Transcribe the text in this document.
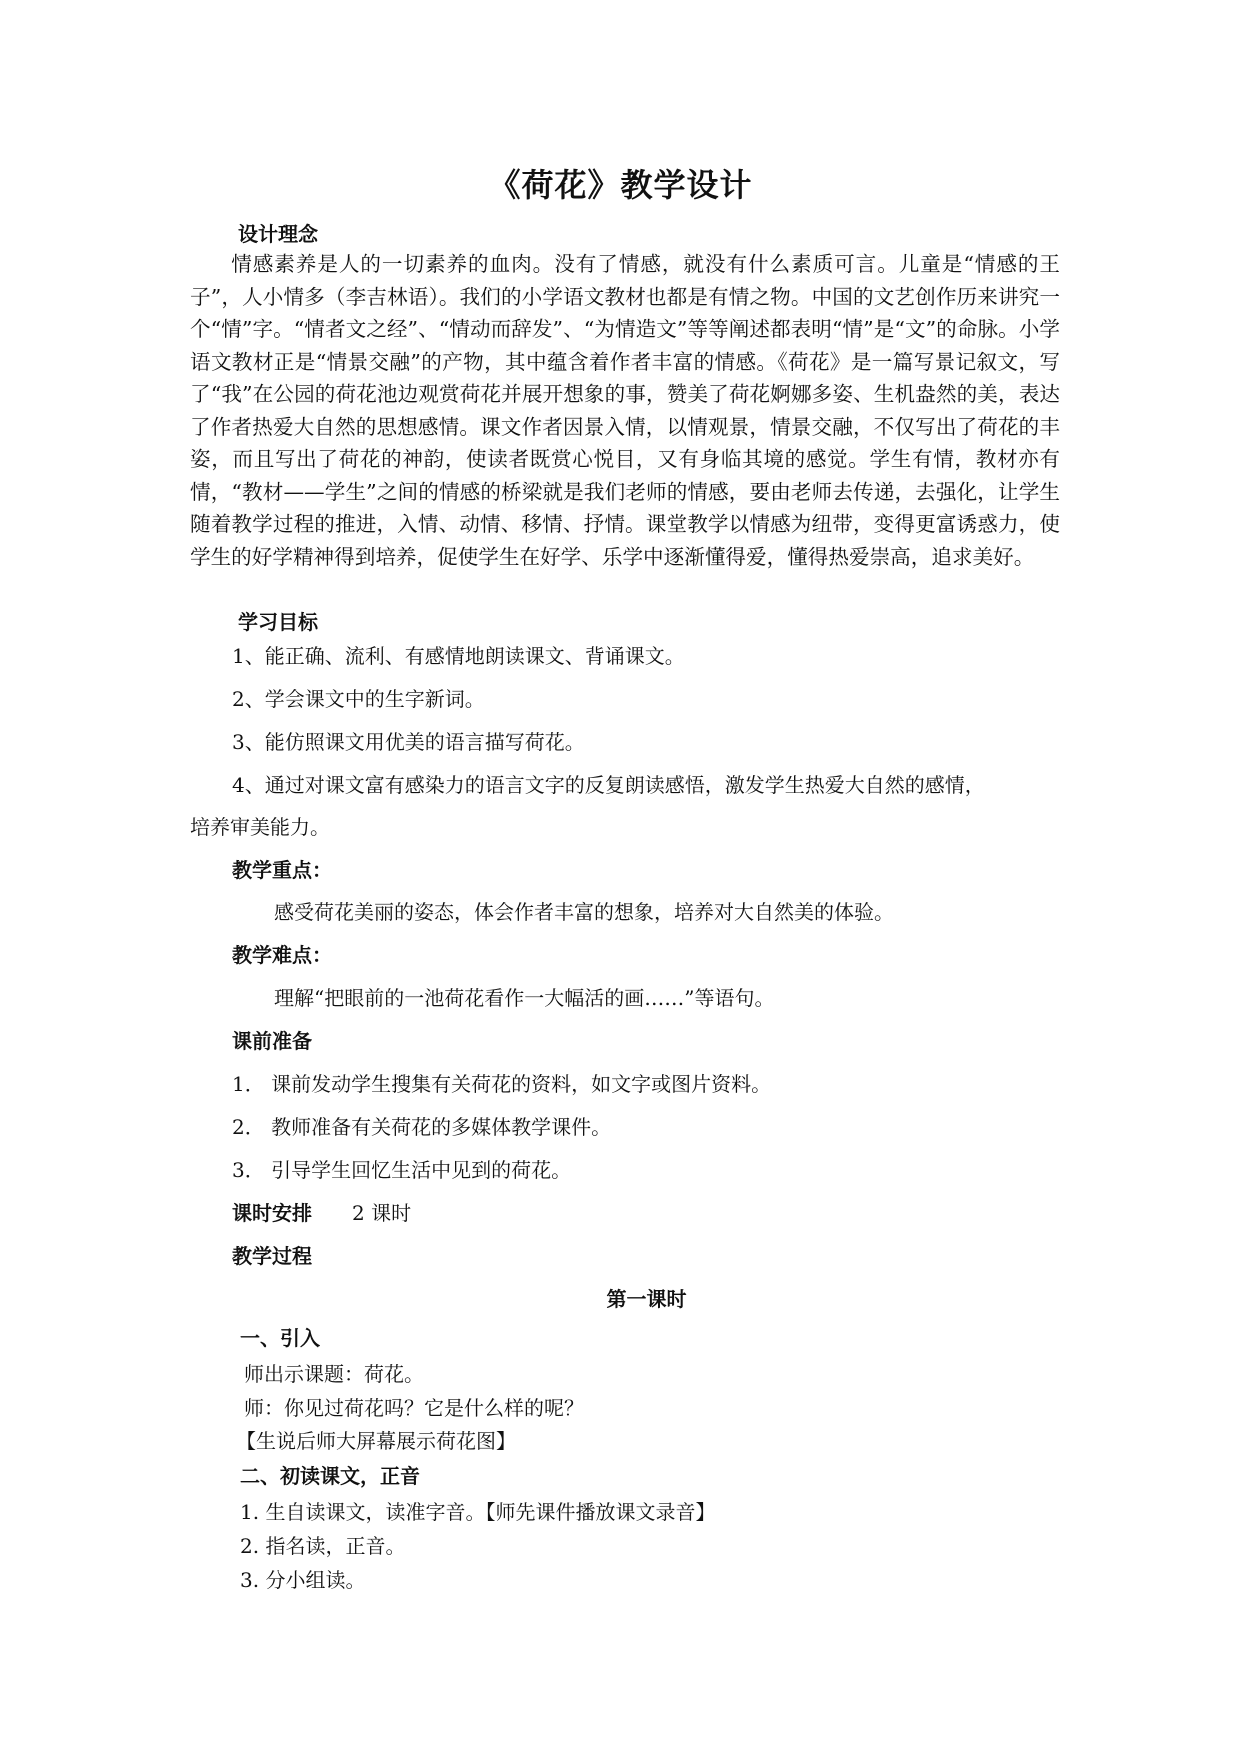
《荷花》教学设计
设计理念

情感素养是人的一切素养的血肉。没有了情感，就没有什么素质可言。儿童是“情感的王子”，人小情多（李吉林语）。我们的小学语文教材也都是有情之物。中国的文艺创作历来讲究一个“情”字。“情者文之经”、“情动而辞发”、“为情造文”等等阐述都表明“情”是“文”的命脉。小学语文教材正是“情景交融”的产物，其中蕴含着作者丰富的情感。《荷花》是一篇写景记叙文，写了“我”在公园的荷花池边观赏荷花并展开想象的事，赞美了荷花婀娜多姿、生机盎然的美，表达了作者热爱大自然的思想感情。课文作者因景入情，以情观景，情景交融，不仅写出了荷花的丰姿，而且写出了荷花的神韵，使读者既赏心悦目，又有身临其境的感觉。学生有情，教材亦有情，“教材——学生”之间的情感的桥梁就是我们老师的情感，要由老师去传递，去强化，让学生随着教学过程的推进，入情、动情、移情、抒情。课堂教学以情感为纽带，变得更富诱惑力，使学生的好学精神得到培养，促使学生在好学、乐学中逐渐懂得爱，懂得热爱崇高，追求美好。

学习目标
1、能正确、流利、有感情地朗读课文、背诵课文。
2、学会课文中的生字新词。
3、能仿照课文用优美的语言描写荷花。
4、通过对课文富有感染力的语言文字的反复朗读感悟，激发学生热爱大自然的感情，
培养审美能力。
教学重点：
感受荷花美丽的姿态，体会作者丰富的想象，培养对大自然美的体验。
教学难点：
理解“把眼前的一池荷花看作一大幅活的画……”等语句。
课前准备
1． 课前发动学生搜集有关荷花的资料，如文字或图片资料。
2． 教师准备有关荷花的多媒体教学课件。
3． 引导学生回忆生活中见到的荷花。
课时安排 2 课时
教学过程
第一课时
一、引入
师出示课题：荷花。
师：你见过荷花吗？它是什么样的呢？
【生说后师大屏幕展示荷花图】
二、初读课文，正音
1. 生自读课文，读准字音。【师先课件播放课文录音】
2. 指名读，正音。
3. 分小组读。
